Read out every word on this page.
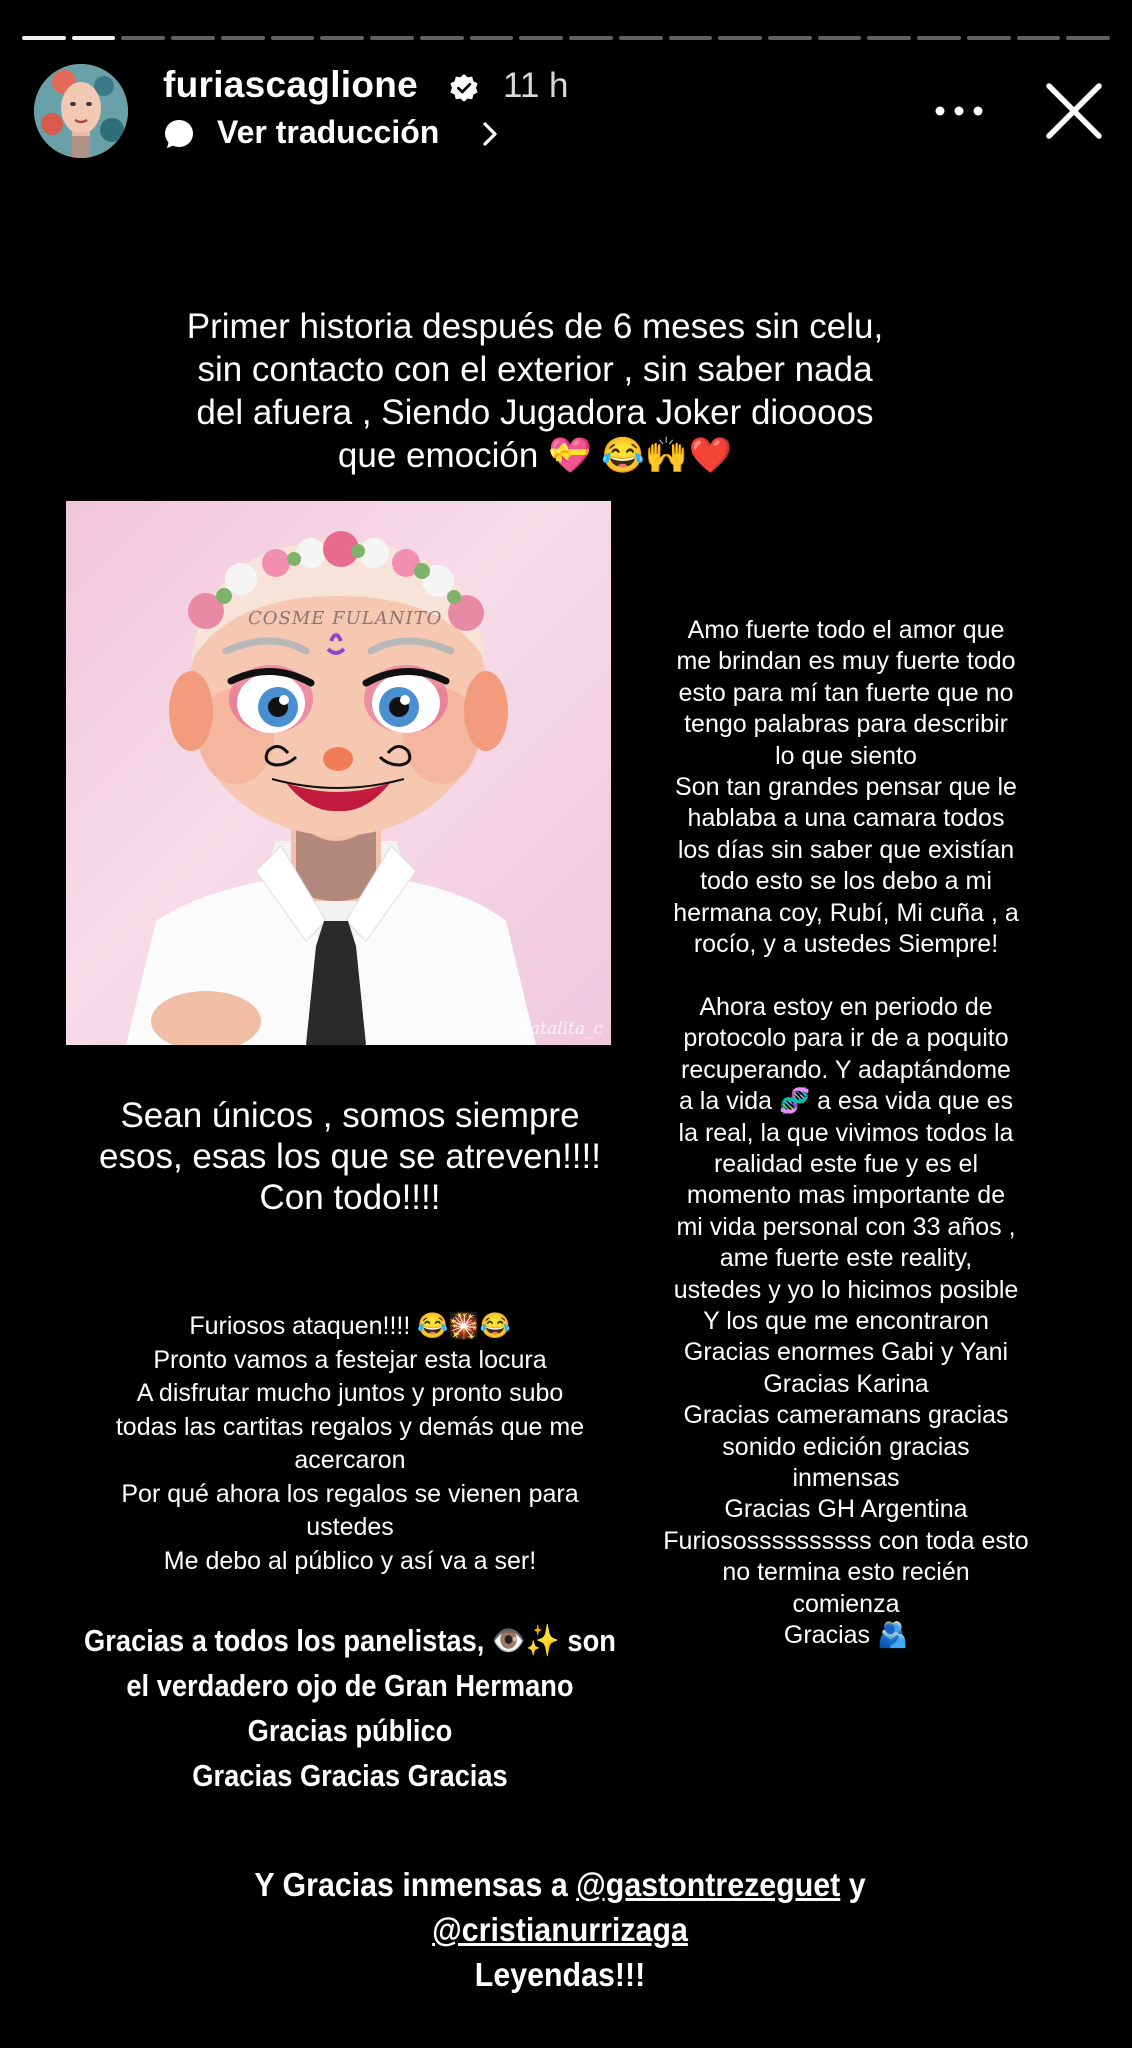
furiascaglione 11 h
Ver traducción
Primer historia después de 6 meses sin celu,
sin contacto con el exterior , sin saber nada
del afuera , Siendo Jugadora Joker dioooos
que emoción 💝 😂🙌❤️
COSME FULANITO
@natalita_c
Amo fuerte todo el amor que
me brindan es muy fuerte todo
esto para mí tan fuerte que no
tengo palabras para describir
lo que siento
Son tan grandes pensar que le
hablaba a una camara todos
los días sin saber que existían
todo esto se los debo a mi
hermana coy, Rubí, Mi cuña , a
rocío, y a ustedes Siempre!

Ahora estoy en periodo de
protocolo para ir de a poquito
recuperando. Y adaptándome
a la vida 🧬 a esa vida que es
la real, la que vivimos todos la
realidad este fue y es el
momento mas importante de
mi vida personal con 33 años ,
ame fuerte este reality,
ustedes y yo lo hicimos posible
Y los que me encontraron
Gracias enormes Gabi y Yani
Gracias Karina
Gracias cameramans gracias
sonido edición gracias
inmensas
Gracias GH Argentina
Furiosossssssssss con toda esto
no termina esto recién
comienza
Gracias 🫂
Sean únicos , somos siempre
esos, esas los que se atreven!!!!
Con todo!!!!
Furiosos ataquen!!!! 😂🎇😂
Pronto vamos a festejar esta locura
A disfrutar mucho juntos y pronto subo
todas las cartitas regalos y demás que me
acercaron
Por qué ahora los regalos se vienen para
ustedes
Me debo al público y así va a ser!
Gracias a todos los panelistas, 👁️✨ son
el verdadero ojo de Gran Hermano
Gracias público
Gracias Gracias Gracias
Y Gracias inmensas a @gastontrezeguet y
@cristianurrizaga
Leyendas!!!
